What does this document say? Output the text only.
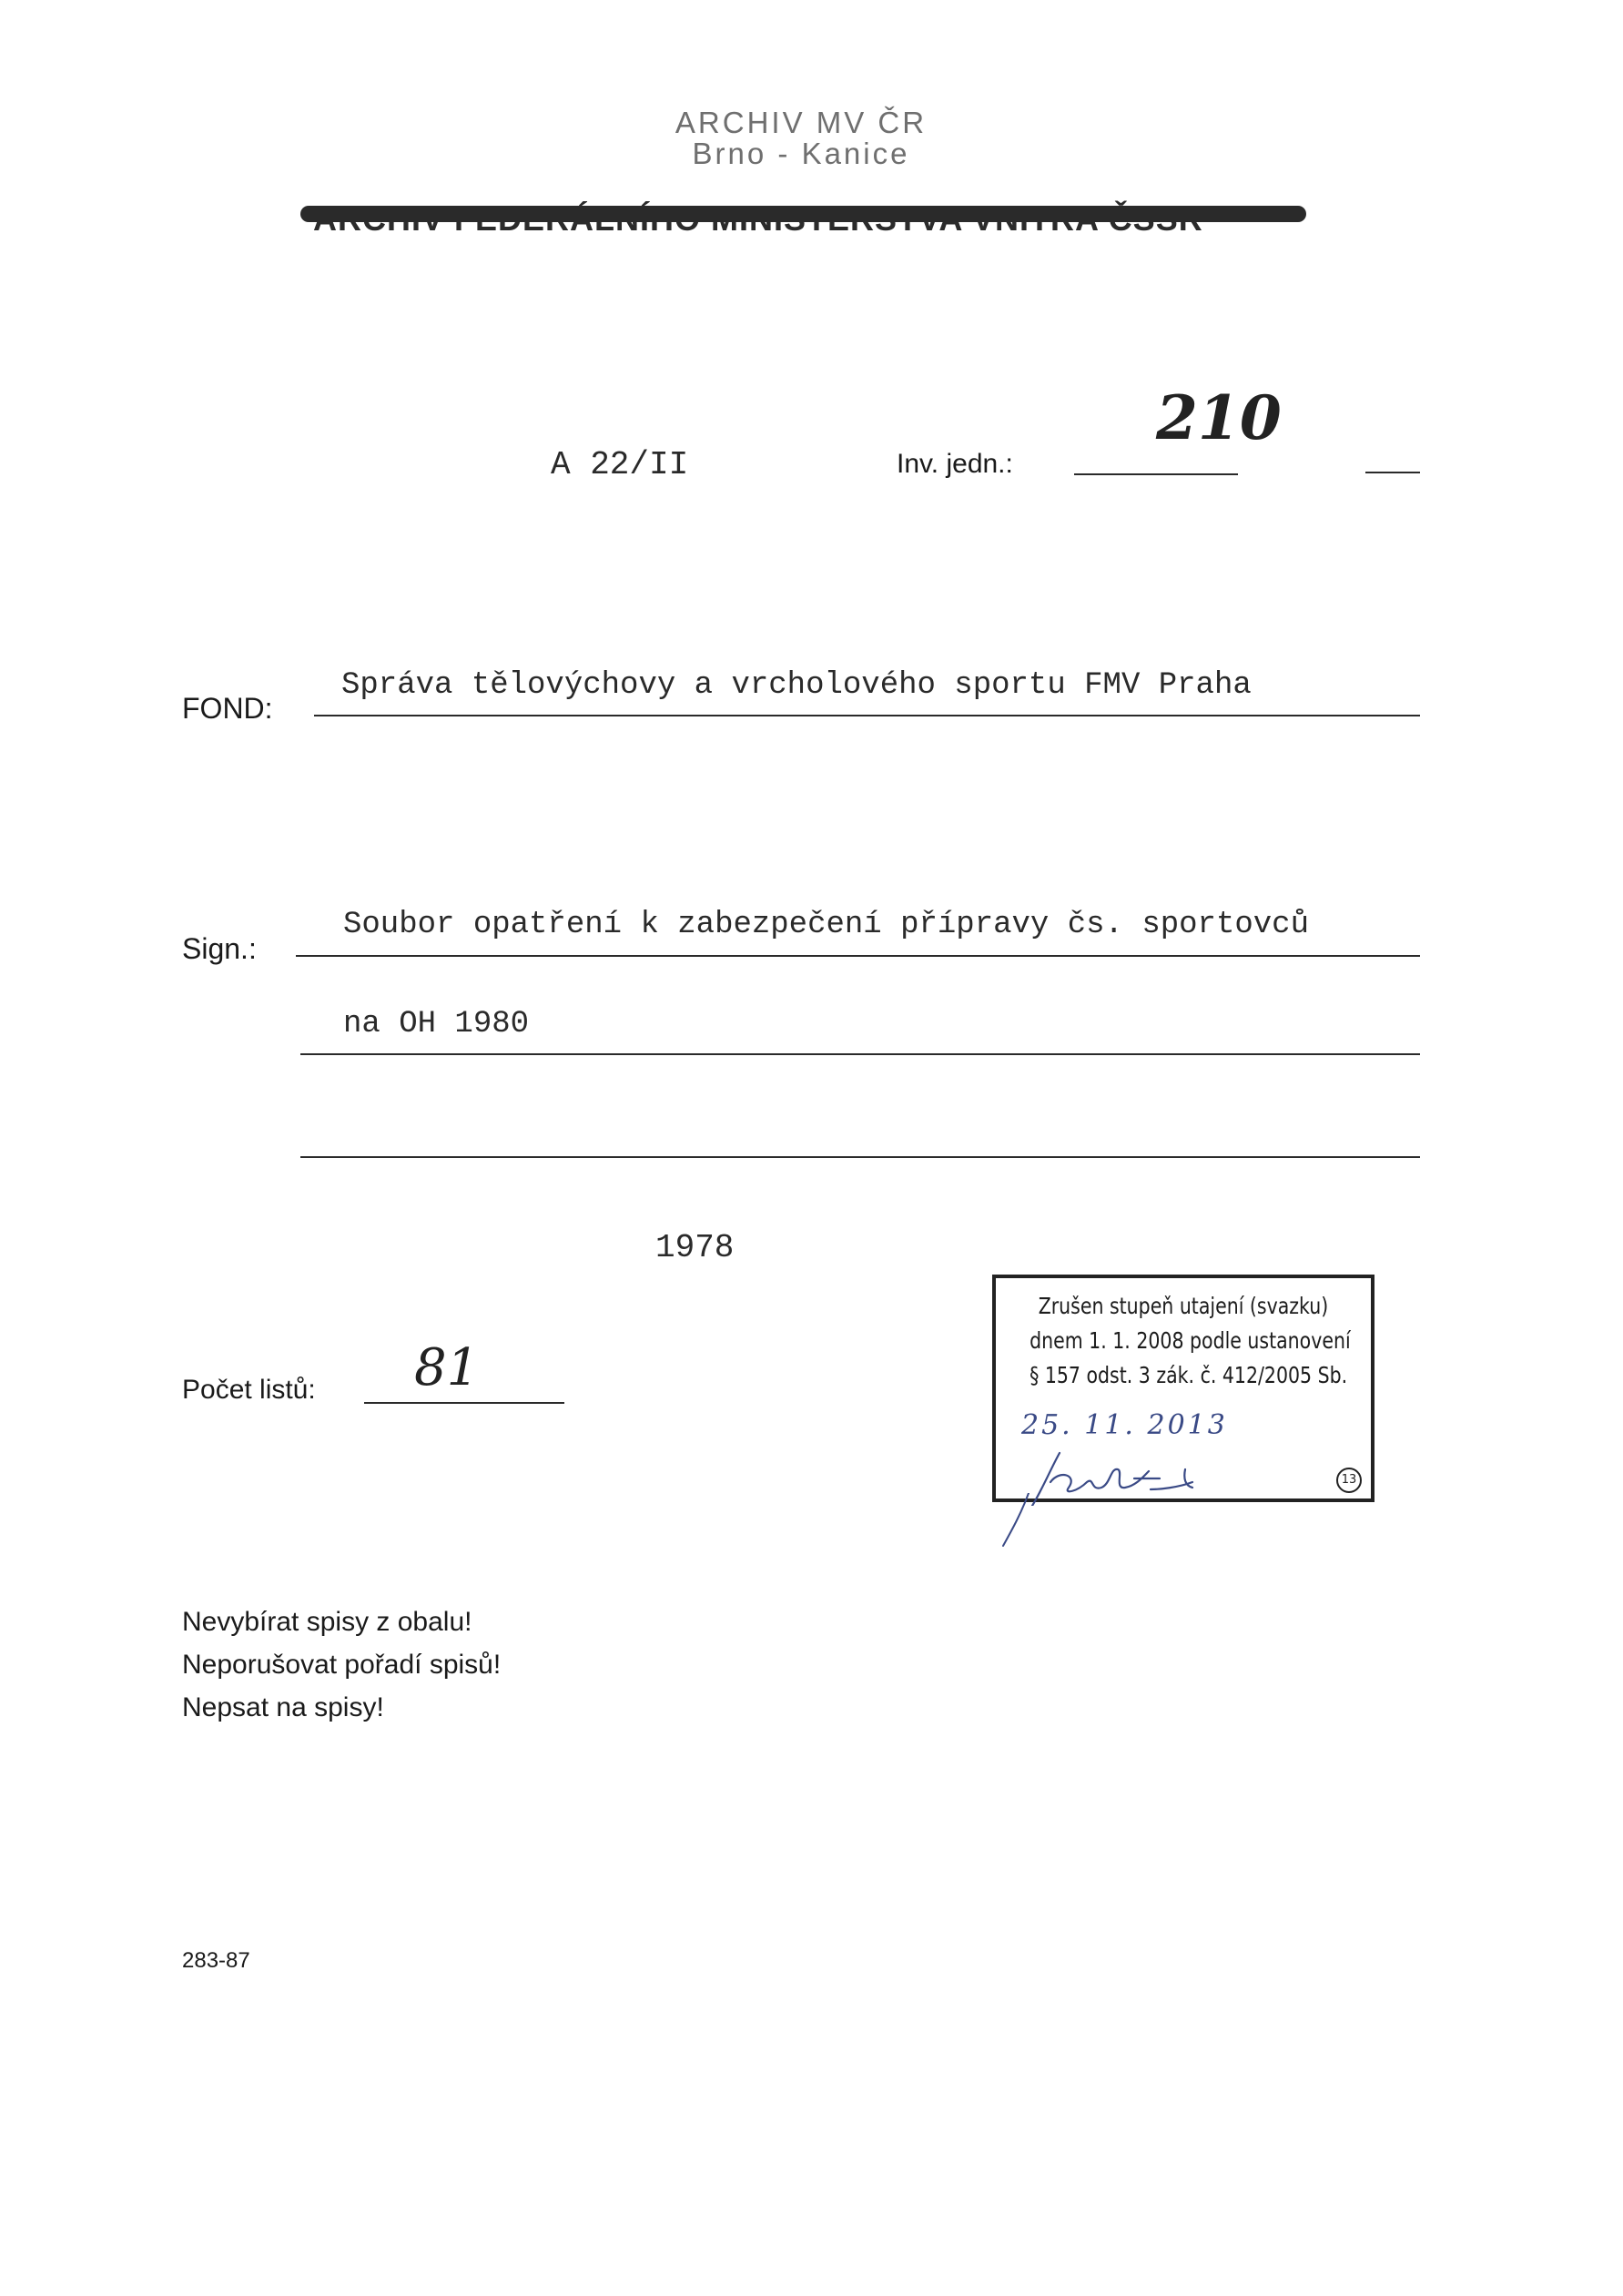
ARCHIV MV ČR
Brno - Kanice
A 22/II	Inv. jedn.:
210
FOND:
Správa tělovýchovy a vrcholového sportu FMV Praha
Sign.:
Soubor opatření k zabezpečení přípravy čs. sportovců
na OH 1980
1978
Počet listů: 81
Zrušen stupeň utajení (svazku)
dnem 1. 1. 2008 podle ustanovení
§ 157 odst. 3 zák. č. 412/2005 Sb.
25. 11. 2013
13
Nevybírat spisy z obalu!
Neporušovat pořadí spisů!
Nepsat na spisy!
283-87
